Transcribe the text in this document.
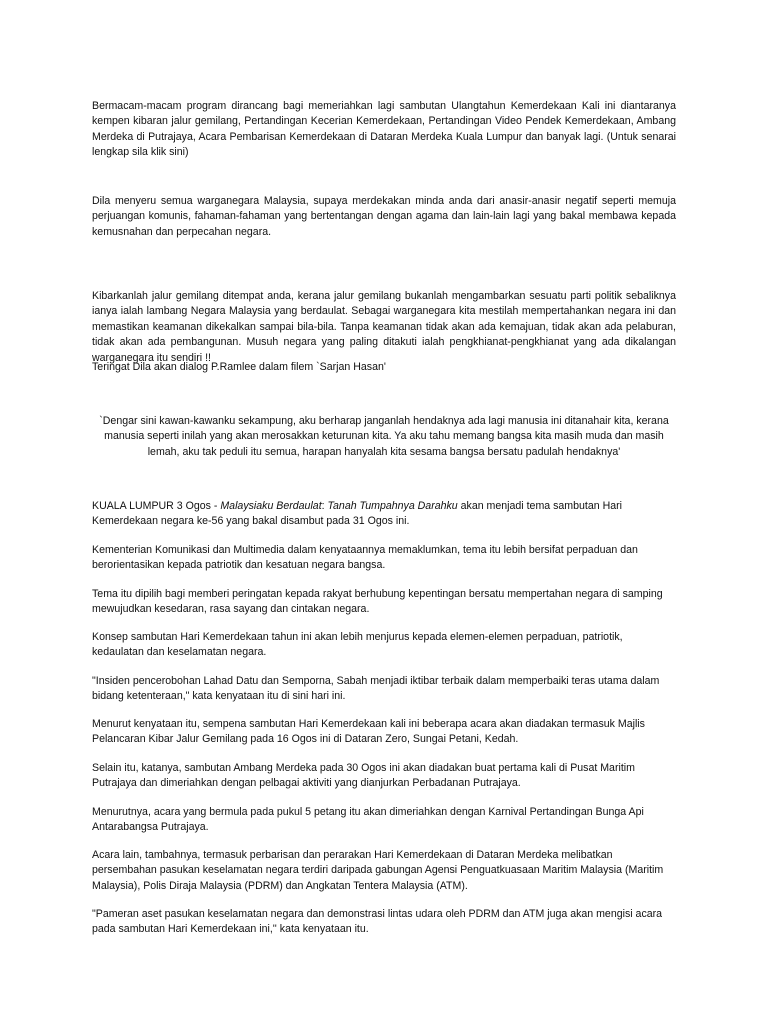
Bermacam-macam program dirancang bagi memeriahkan lagi sambutan Ulangtahun Kemerdekaan Kali ini diantaranya kempen kibaran jalur gemilang, Pertandingan Kecerian Kemerdekaan, Pertandingan Video Pendek Kemerdekaan, Ambang Merdeka di Putrajaya, Acara Pembarisan Kemerdekaan di Dataran Merdeka Kuala Lumpur dan banyak lagi. (Untuk senarai lengkap sila klik sini)

Dila menyeru semua warganegara Malaysia, supaya merdekakan minda anda dari anasir-anasir negatif seperti memuja perjuangan komunis, fahaman-fahaman yang bertentangan dengan agama dan lain-lain lagi yang bakal membawa kepada kemusnahan dan perpecahan negara.

Kibarkanlah jalur gemilang ditempat anda, kerana jalur gemilang bukanlah mengambarkan sesuatu parti politik sebaliknya ianya ialah lambang Negara Malaysia yang berdaulat. Sebagai warganegara kita mestilah mempertahankan negara ini dan memastikan keamanan dikekalkan sampai bila-bila. Tanpa keamanan tidak akan ada kemajuan, tidak akan ada pelaburan, tidak akan ada pembangunan. Musuh negara yang paling ditakuti ialah pengkhianat-pengkhianat yang ada dikalangan warganegara itu sendiri !!

Teringat Dila akan dialog P.Ramlee dalam filem `Sarjan Hasan'

`Dengar sini kawan-kawanku sekampung, aku berharap janganlah hendaknya ada lagi manusia ini ditanahair kita, kerana manusia seperti inilah yang akan merosakkan keturunan kita. Ya aku tahu memang bangsa kita masih muda dan masih lemah, aku tak peduli itu semua, harapan hanyalah kita sesama bangsa bersatu padulah hendaknya'

KUALA LUMPUR 3 Ogos - Malaysiaku Berdaulat: Tanah Tumpahnya Darahku akan menjadi tema sambutan Hari Kemerdekaan negara ke-56 yang bakal disambut pada 31 Ogos ini.

Kementerian Komunikasi dan Multimedia dalam kenyataannya memaklumkan, tema itu lebih bersifat perpaduan dan berorientasikan kepada patriotik dan kesatuan negara bangsa.

Tema itu dipilih bagi memberi peringatan kepada rakyat berhubung kepentingan bersatu mempertahan negara di samping mewujudkan kesedaran, rasa sayang dan cintakan negara.

Konsep sambutan Hari Kemerdekaan tahun ini akan lebih menjurus kepada elemen-elemen perpaduan, patriotik, kedaulatan dan keselamatan negara.

"Insiden pencerobohan Lahad Datu dan Semporna, Sabah menjadi iktibar terbaik dalam memperbaiki teras utama dalam bidang ketenteraan," kata kenyataan itu di sini hari ini.

Menurut kenyataan itu, sempena sambutan Hari Kemerdekaan kali ini beberapa acara akan diadakan termasuk Majlis Pelancaran Kibar Jalur Gemilang pada 16 Ogos ini di Dataran Zero, Sungai Petani, Kedah.

Selain itu, katanya, sambutan Ambang Merdeka pada 30 Ogos ini akan diadakan buat pertama kali di Pusat Maritim Putrajaya dan dimeriahkan dengan pelbagai aktiviti yang dianjurkan Perbadanan Putrajaya.

Menurutnya, acara yang bermula pada pukul 5 petang itu akan dimeriahkan dengan Karnival Pertandingan Bunga Api Antarabangsa Putrajaya.

Acara lain, tambahnya, termasuk perbarisan dan perarakan Hari Kemerdekaan di Dataran Merdeka melibatkan persembahan pasukan keselamatan negara terdiri daripada gabungan Agensi Penguatkuasaan Maritim Malaysia (Maritim Malaysia), Polis Diraja Malaysia (PDRM) dan Angkatan Tentera Malaysia (ATM).

"Pameran aset pasukan keselamatan negara dan demonstrasi lintas udara oleh PDRM dan ATM juga akan mengisi acara pada sambutan Hari Kemerdekaan ini,'' kata kenyataan itu.
